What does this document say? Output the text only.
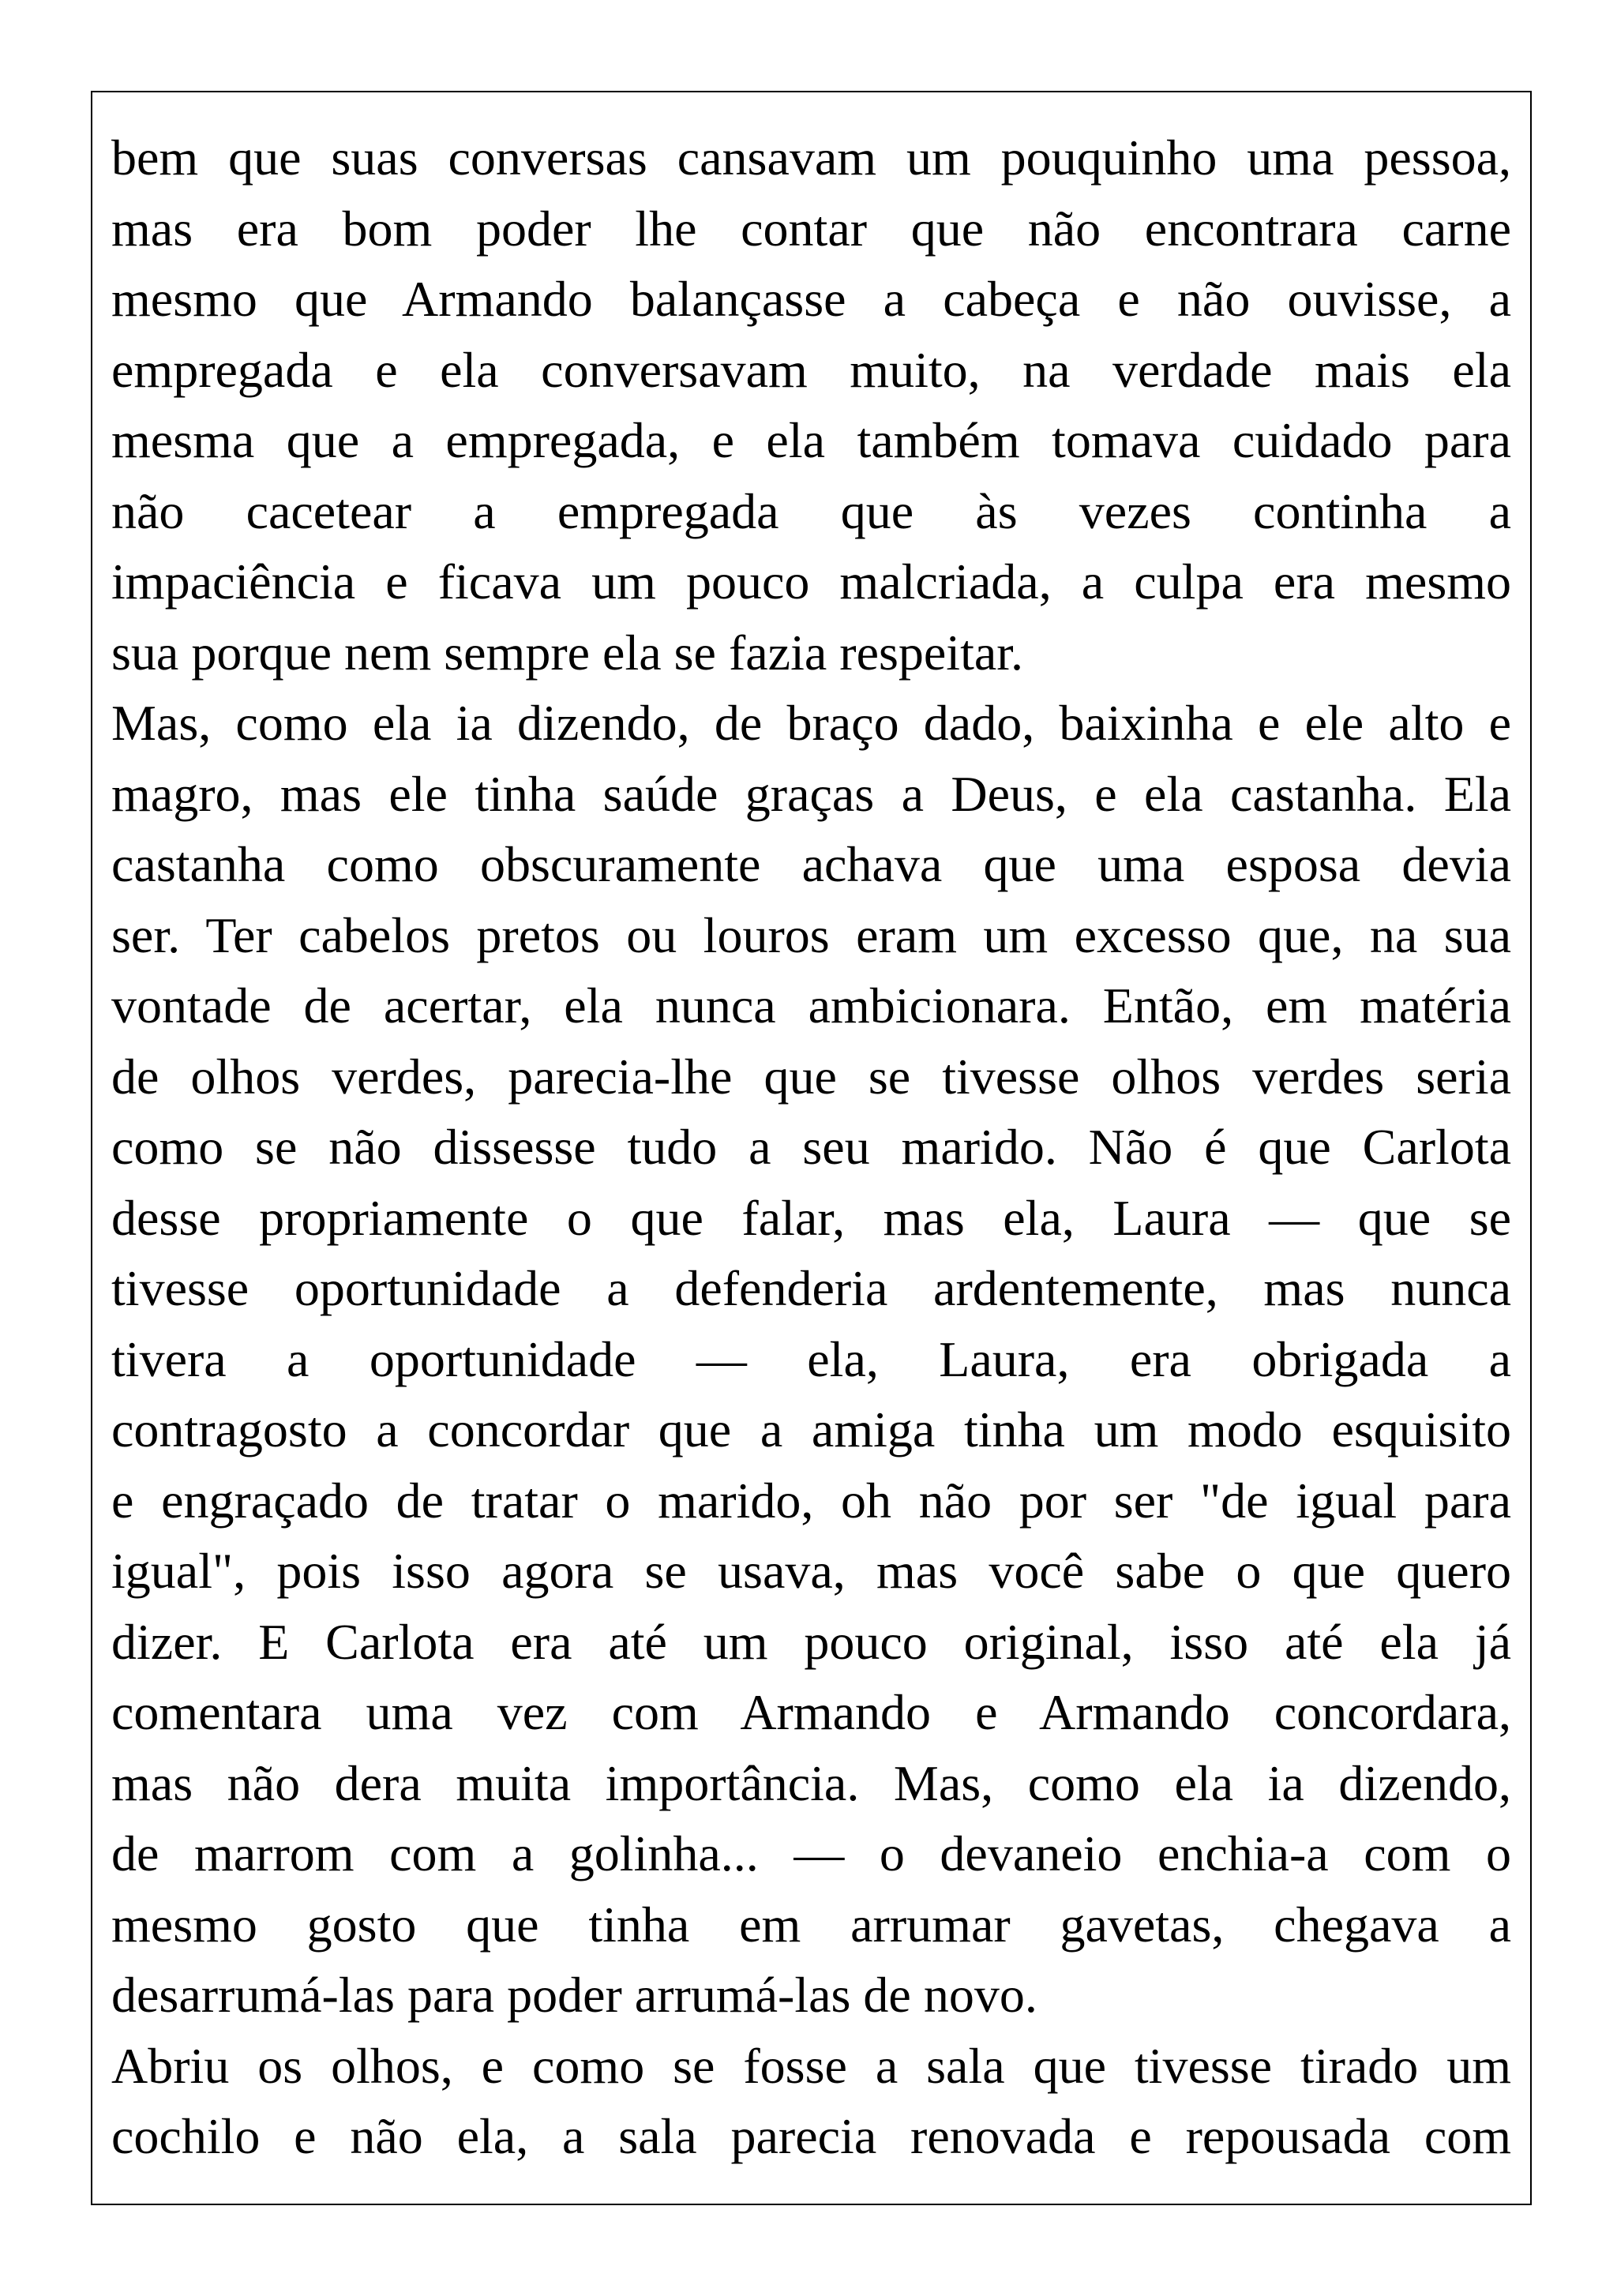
bem que suas conversas cansavam um pouquinho uma pessoa,
mas era bom poder lhe contar que não encontrara carne
mesmo que Armando balançasse a cabeça e não ouvisse, a
empregada e ela conversavam muito, na verdade mais ela
mesma que a empregada, e ela também tomava cuidado para
não cacetear a empregada que às vezes continha a
impaciência e ficava um pouco malcriada, a culpa era mesmo
sua porque nem sempre ela se fazia respeitar.
Mas, como ela ia dizendo, de braço dado, baixinha e ele alto e
magro, mas ele tinha saúde graças a Deus, e ela castanha. Ela
castanha como obscuramente achava que uma esposa devia
ser. Ter cabelos pretos ou louros eram um excesso que, na sua
vontade de acertar, ela nunca ambicionara. Então, em matéria
de olhos verdes, parecia-lhe que se tivesse olhos verdes seria
como se não dissesse tudo a seu marido. Não é que Carlota
desse propriamente o que falar, mas ela, Laura — que se
tivesse oportunidade a defenderia ardentemente, mas nunca
tivera a oportunidade — ela, Laura, era obrigada a
contragosto a concordar que a amiga tinha um modo esquisito
e engraçado de tratar o marido, oh não por ser "de igual para
igual", pois isso agora se usava, mas você sabe o que quero
dizer. E Carlota era até um pouco original, isso até ela já
comentara uma vez com Armando e Armando concordara,
mas não dera muita importância. Mas, como ela ia dizendo,
de marrom com a golinha... — o devaneio enchia-a com o
mesmo gosto que tinha em arrumar gavetas, chegava a
desarrumá-las para poder arrumá-las de novo.
Abriu os olhos, e como se fosse a sala que tivesse tirado um
cochilo e não ela, a sala parecia renovada e repousada com
